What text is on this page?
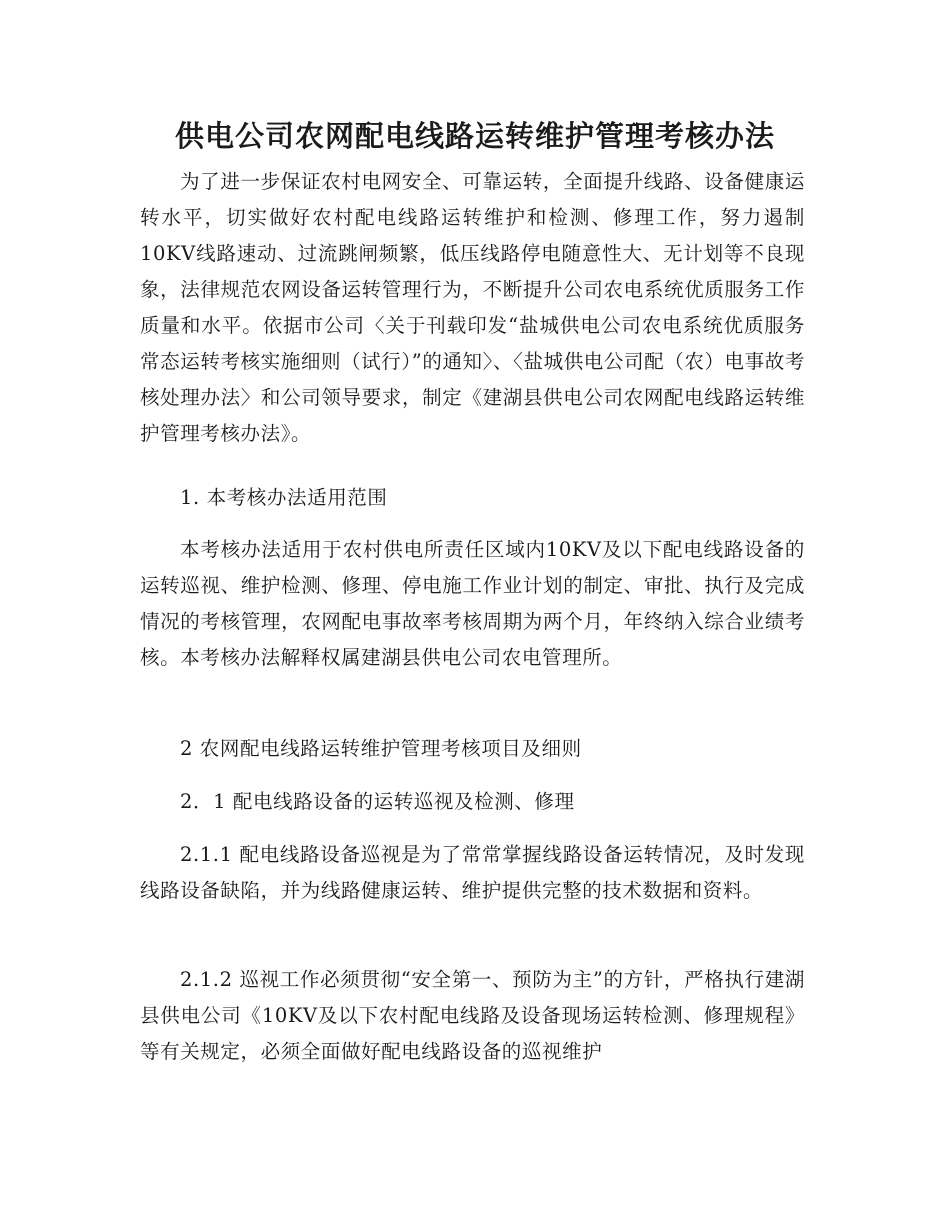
供电公司农网配电线路运转维护管理考核办法

为了进一步保证农村电网安全、可靠运转，全面提升线路、设备健康运转水平，切实做好农村配电线路运转维护和检测、修理工作，努力遏制10KV线路速动、过流跳闸频繁，低压线路停电随意性大、无计划等不良现象，法律规范农网设备运转管理行为，不断提升公司农电系统优质服务工作质量和水平。依据市公司〈关于刊载印发“盐城供电公司农电系统优质服务常态运转考核实施细则（试行）”的通知〉、〈盐城供电公司配（农）电事故考核处理办法〉和公司领导要求，制定《建湖县供电公司农网配电线路运转维护管理考核办法》。

1. 本考核办法适用范围

本考核办法适用于农村供电所责任区域内10KV及以下配电线路设备的运转巡视、维护检测、修理、停电施工作业计划的制定、审批、执行及完成情况的考核管理，农网配电事故率考核周期为两个月，年终纳入综合业绩考核。本考核办法解释权属建湖县供电公司农电管理所。

2 农网配电线路运转维护管理考核项目及细则

2．1 配电线路设备的运转巡视及检测、修理

2.1.1 配电线路设备巡视是为了常常掌握线路设备运转情况，及时发现线路设备缺陷，并为线路健康运转、维护提供完整的技术数据和资料。

2.1.2 巡视工作必须贯彻“安全第一、预防为主”的方针，严格执行建湖县供电公司《10KV及以下农村配电线路及设备现场运转检测、修理规程》等有关规定，必须全面做好配电线路设备的巡视维护
